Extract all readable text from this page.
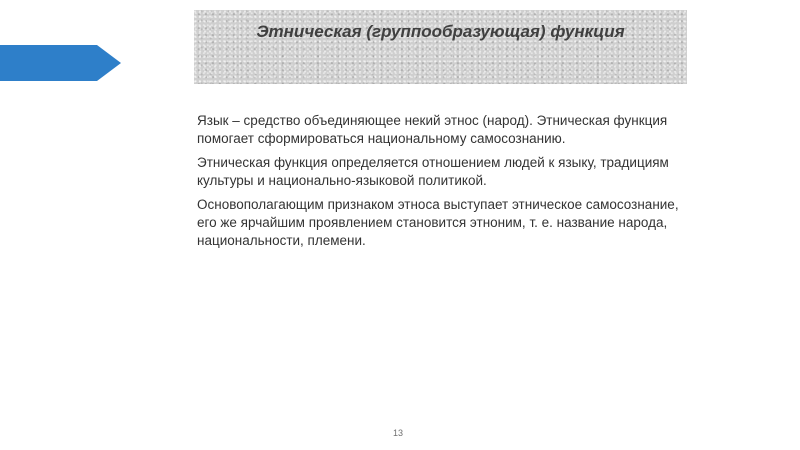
Этническая (группообразующая) функция

Язык – средство объединяющее некий этнос (народ). Этническая функция помогает сформироваться национальному самосознанию.

Этническая функция определяется отношением людей к языку, традициям культуры и национально-языковой политикой.

Основополагающим признаком этноса выступает этническое самосознание, его же ярчайшим проявлением становится этноним, т. е. название народа, национальности, племени.

13
